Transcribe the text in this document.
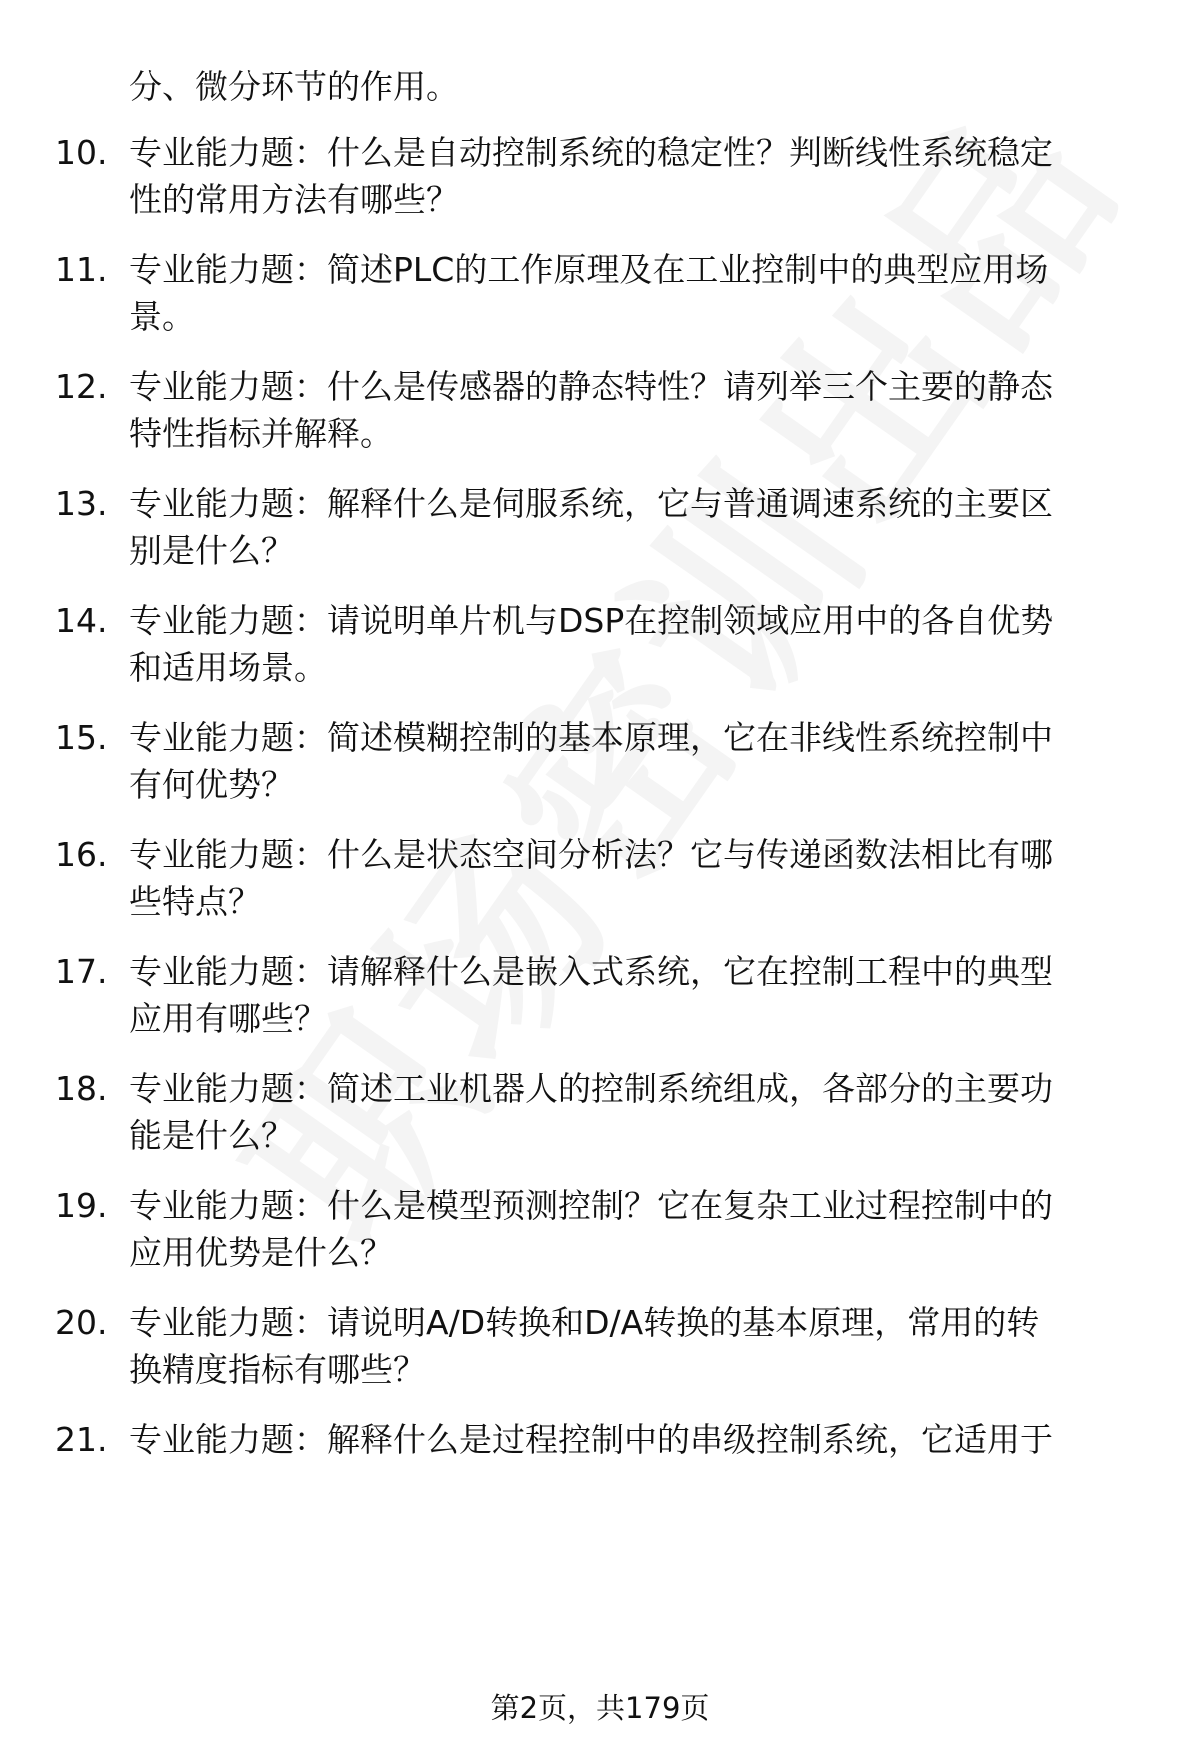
分、微分环节的作用。
10. 专业能力题：什么是自动控制系统的稳定性？判断线性系统稳定
性的常用方法有哪些？
11. 专业能力题：简述PLC的工作原理及在工业控制中的典型应用场
景。
12. 专业能力题：什么是传感器的静态特性？请列举三个主要的静态
特性指标并解释。
13. 专业能力题：解释什么是伺服系统，它与普通调速系统的主要区
别是什么？
14. 专业能力题：请说明单片机与DSP在控制领域应用中的各自优势
和适用场景。
15. 专业能力题：简述模糊控制的基本原理，它在非线性系统控制中
有何优势？
16. 专业能力题：什么是状态空间分析法？它与传递函数法相比有哪
些特点？
17. 专业能力题：请解释什么是嵌入式系统，它在控制工程中的典型
应用有哪些？
18. 专业能力题：简述工业机器人的控制系统组成，各部分的主要功
能是什么？
19. 专业能力题：什么是模型预测控制？它在复杂工业过程控制中的
应用优势是什么？
20. 专业能力题：请说明A/D转换和D/A转换的基本原理，常用的转
换精度指标有哪些？
21. 专业能力题：解释什么是过程控制中的串级控制系统，它适用于
第2页，共179页
